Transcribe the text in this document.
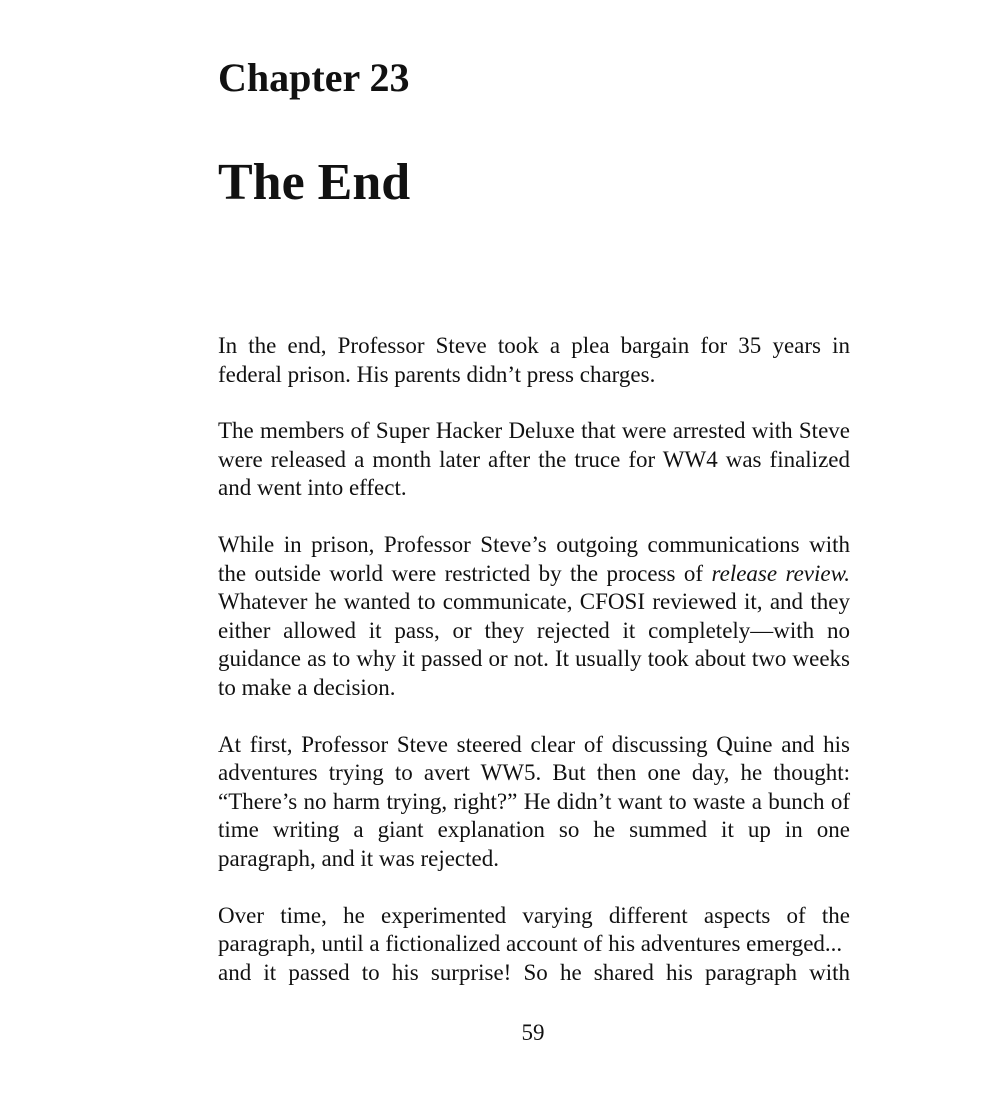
Chapter 23
The End

In the end, Professor Steve took a plea bargain for 35 years in federal prison. His parents didn’t press charges.

The members of Super Hacker Deluxe that were arrested with Steve were released a month later after the truce for WW4 was finalized and went into effect.

While in prison, Professor Steve’s outgoing communications with the outside world were restricted by the process of release review. Whatever he wanted to communicate, CFOSI reviewed it, and they either allowed it pass, or they rejected it completely—with no guidance as to why it passed or not. It usually took about two weeks to make a decision.

At first, Professor Steve steered clear of discussing Quine and his adventures trying to avert WW5. But then one day, he thought: “There’s no harm trying, right?” He didn’t want to waste a bunch of time writing a giant explanation so he summed it up in one paragraph, and it was rejected.

Over time, he experimented varying different aspects of the
paragraph, until a fictionalized account of his adventures emerged...
and it passed to his surprise! So he shared his paragraph with

59
